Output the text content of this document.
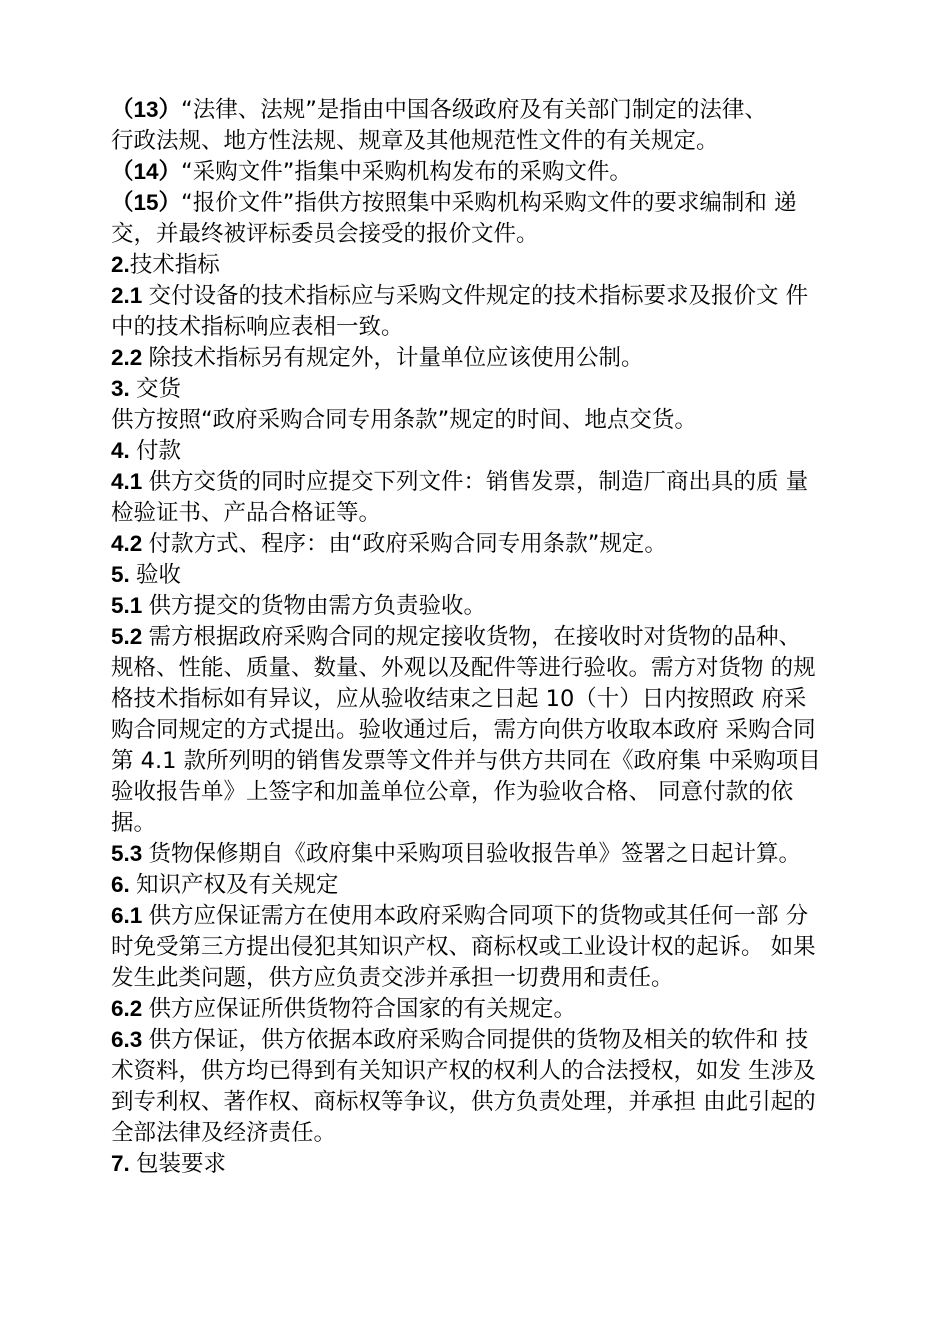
（13）“法律、法规”是指由中国各级政府及有关部门制定的法律、
行政法规、地方性法规、规章及其他规范性文件的有关规定。
（14）“采购文件”指集中采购机构发布的采购文件。
（15）“报价文件”指供方按照集中采购机构采购文件的要求编制和 递
交，并最终被评标委员会接受的报价文件。
2.技术指标
2.1 交付设备的技术指标应与采购文件规定的技术指标要求及报价文 件
中的技术指标响应表相一致。
2.2 除技术指标另有规定外，计量单位应该使用公制。
3. 交货
供方按照“政府采购合同专用条款”规定的时间、地点交货。
4. 付款
4.1 供方交货的同时应提交下列文件：销售发票，制造厂商出具的质 量
检验证书、产品合格证等。
4.2 付款方式、程序：由“政府采购合同专用条款”规定。
5. 验收
5.1 供方提交的货物由需方负责验收。
5.2 需方根据政府采购合同的规定接收货物，在接收时对货物的品种、
规格、性能、质量、数量、外观以及配件等进行验收。需方对货物 的规
格技术指标如有异议，应从验收结束之日起 10（十）日内按照政 府采
购合同规定的方式提出。验收通过后，需方向供方收取本政府 采购合同
第 4.1 款所列明的销售发票等文件并与供方共同在《政府集 中采购项目
验收报告单》上签字和加盖单位公章，作为验收合格、 同意付款的依
据。
5.3 货物保修期自《政府集中采购项目验收报告单》签署之日起计算。
6. 知识产权及有关规定
6.1 供方应保证需方在使用本政府采购合同项下的货物或其任何一部 分
时免受第三方提出侵犯其知识产权、商标权或工业设计权的起诉。 如果
发生此类问题，供方应负责交涉并承担一切费用和责任。
6.2 供方应保证所供货物符合国家的有关规定。
6.3 供方保证，供方依据本政府采购合同提供的货物及相关的软件和 技
术资料，供方均已得到有关知识产权的权利人的合法授权，如发 生涉及
到专利权、著作权、商标权等争议，供方负责处理，并承担 由此引起的
全部法律及经济责任。
7. 包装要求
